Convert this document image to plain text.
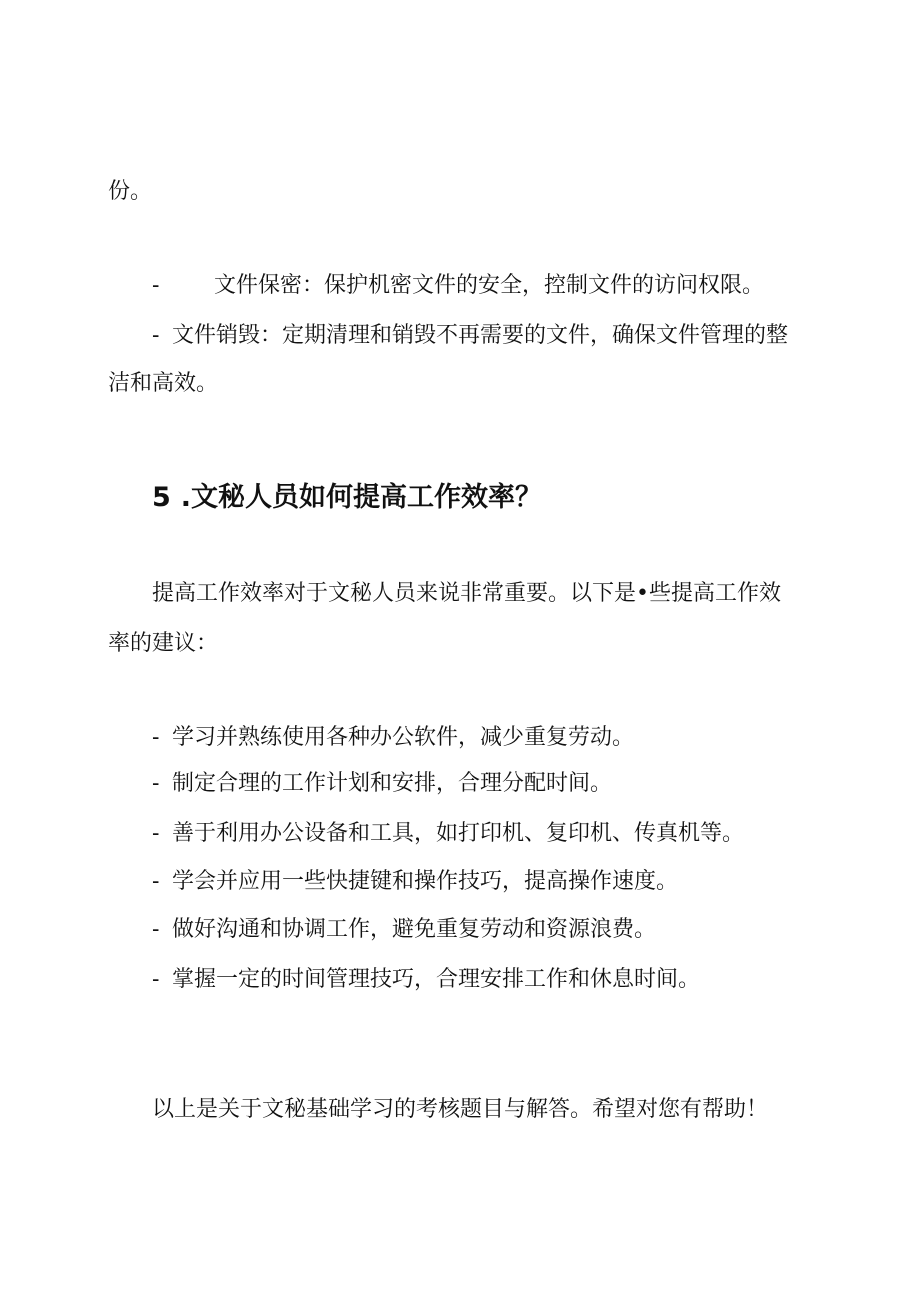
份。

- 文件保密：保护机密文件的安全，控制文件的访问权限。

- 文件销毁：定期清理和销毁不再需要的文件，确保文件管理的整

洁和高效。

5 .文秘人员如何提高工作效率？

提高工作效率对于文秘人员来说非常重要。以下是•些提高工作效

率的建议：

- 学习并熟练使用各种办公软件，减少重复劳动。

- 制定合理的工作计划和安排，合理分配时间。

- 善于利用办公设备和工具，如打印机、复印机、传真机等。

- 学会并应用一些快捷键和操作技巧，提高操作速度。

- 做好沟通和协调工作，避免重复劳动和资源浪费。

- 掌握一定的时间管理技巧，合理安排工作和休息时间。

以上是关于文秘基础学习的考核题目与解答。希望对您有帮助！
